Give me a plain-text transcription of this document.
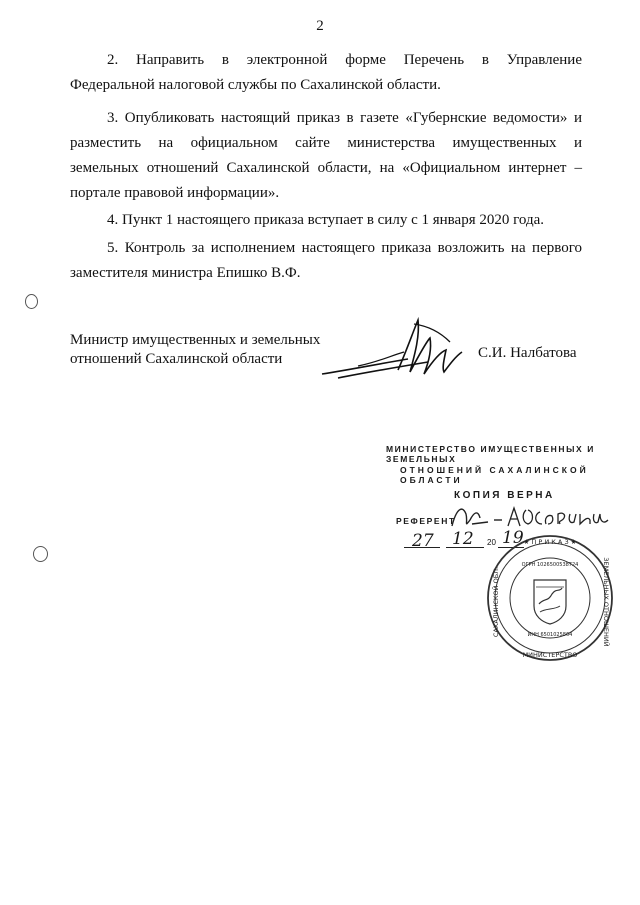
2
2. Направить в электронной форме Перечень в Управление
Федеральной налоговой службы по Сахалинской области.
3. Опубликовать настоящий приказ в газете «Губернские ведомости» и
разместить на официальном сайте министерства имущественных и
земельных отношений Сахалинской области, на «Официальном интернет –
портале правовой информации».
4. Пункт 1 настоящего приказа вступает в силу с 1 января 2020 года.
5. Контроль за исполнением настоящего приказа возложить на первого
заместителя министра Епишко В.Ф.
Министр имущественных и земельных
отношений Сахалинской области	С.И. Налбатова
МИНИСТЕРСТВО ИМУЩЕСТВЕННЫХ И ЗЕМЕЛЬНЫХ
ОТНОШЕНИЙ САХАЛИНСКОЙ ОБЛАСТИ
КОПИЯ ВЕРНА
РЕФЕРЕНТ
27 12 20 19 ★ П Р И К А З ★
МИНИСТЕРСТВО
САХАЛИНСКОЙ ОБЛ.	ЗЕМЕЛЬНЫХ ОТНОШЕНИЙ
ОГРН 1026500538724
ИНН 6501025864
